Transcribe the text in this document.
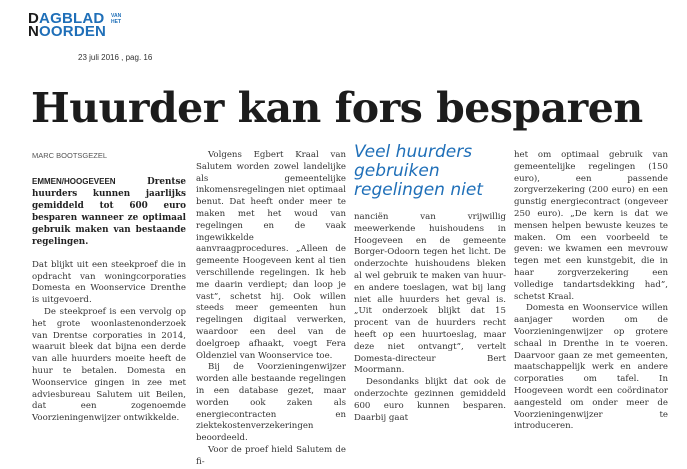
DAGBLAD
NOORDEN
VAN
HET
23 juli 2016 , pag. 16
Huurder kan fors besparen
MARC BOOTSGEZEL

EMMEN/HOOGEVEEN Drentse huurders kunnen jaarlijks gemiddeld tot 600 euro besparen wanneer ze optimaal gebruik maken van bestaande regelingen.

Dat blijkt uit een steekproef die in opdracht van woningcorporaties Domesta en Woonservice Drenthe is uitgevoerd.

De steekproef is een vervolg op het grote woonlastenonderzoek van Drentse corporaties in 2014, waaruit bleek dat bijna een derde van alle huurders moeite heeft de huur te betalen. Domesta en Woonservice gingen in zee met adviesbureau Salutem uit Beilen, dat een zogenoemde Voorzieningenwijzer ontwikkelde.

Volgens Egbert Kraal van Salutem worden zowel landelijke als gemeentelijke inkomensregelingen niet optimaal benut. Dat heeft onder meer te maken met het woud van regelingen en de vaak ingewikkelde aanvraagprocedures. „Alleen de gemeente Hoogeveen kent al tien verschillende regelingen. Ik heb me daarin verdiept; dan loop je vast”, schetst hij. Ook willen steeds meer gemeenten hun regelingen digitaal verwerken, waardoor een deel van de doelgroep afhaakt, voegt Fera Oldenziel van Woonservice toe.

Bij de Voorzieningenwijzer worden alle bestaande regelingen in een database gezet, maar worden ook zaken als energiecontracten en ziektekostenverzekeringen beoordeeld.

Voor de proef hield Salutem de fi-

Veel huurders gebruiken regelingen niet

nanciën van vrijwillig meewerkende huishoudens in Hoogeveen en de gemeente Borger-Odoorn tegen het licht. De onderzochte huishoudens bleken al wel gebruik te maken van huur- en andere toeslagen, wat bij lang niet alle huurders het geval is. „Uit onderzoek blijkt dat 15 procent van de huurders recht heeft op een huurtoeslag, maar deze niet ontvangt”, vertelt Domesta-directeur Bert Moormann.

Desondanks blijkt dat ook de onderzochte gezinnen gemiddeld 600 euro kunnen besparen. Daarbij gaat

het om optimaal gebruik van gemeentelijke regelingen (150 euro), een passende zorgverzekering (200 euro) en een gunstig energiecontract (ongeveer 250 euro). „De kern is dat we mensen helpen bewuste keuzes te maken. Om een voorbeeld te geven: we kwamen een mevrouw tegen met een kunstgebit, die in haar zorgverzekering een volledige tandartsdekking had”, schetst Kraal.

Domesta en Woonservice willen aanjager worden om de Voorzieningenwijzer op grotere schaal in Drenthe in te voeren. Daarvoor gaan ze met gemeenten, maatschappelijk werk en andere corporaties om tafel. In Hoogeveen wordt een coördinator aangesteld om onder meer de Voorzieningenwijzer te introduceren.
